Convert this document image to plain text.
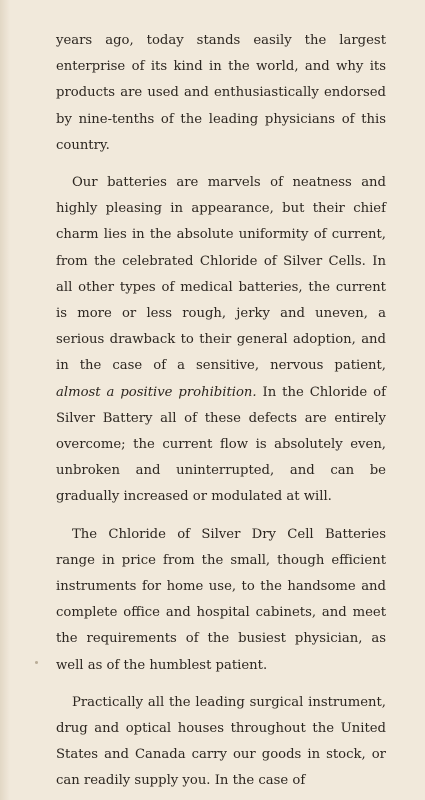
years ago, today stands easily the largest enterprise of its kind in the world, and why its products are used and enthusiastically endorsed by nine-tenths of the leading physicians of this country.

Our batteries are marvels of neatness and highly pleasing in appearance, but their chief charm lies in the absolute uniformity of current, from the celebrated Chloride of Silver Cells. In all other types of medical batteries, the current is more or less rough, jerky and uneven, a serious drawback to their general adoption, and in the case of a sensitive, nervous patient, almost a positive prohibition. In the Chloride of Silver Battery all of these defects are entirely overcome; the current flow is absolutely even, unbroken and uninterrupted, and can be gradually increased or modulated at will.

The Chloride of Silver Dry Cell Batteries range in price from the small, though efficient instruments for home use, to the handsome and complete office and hospital cabinets, and meet the requirements of the busiest physician, as well as of the humblest patient.

Practically all the leading surgical instrument, drug and optical houses throughout the United States and Canada carry our goods in stock, or can readily supply you. In the case of
